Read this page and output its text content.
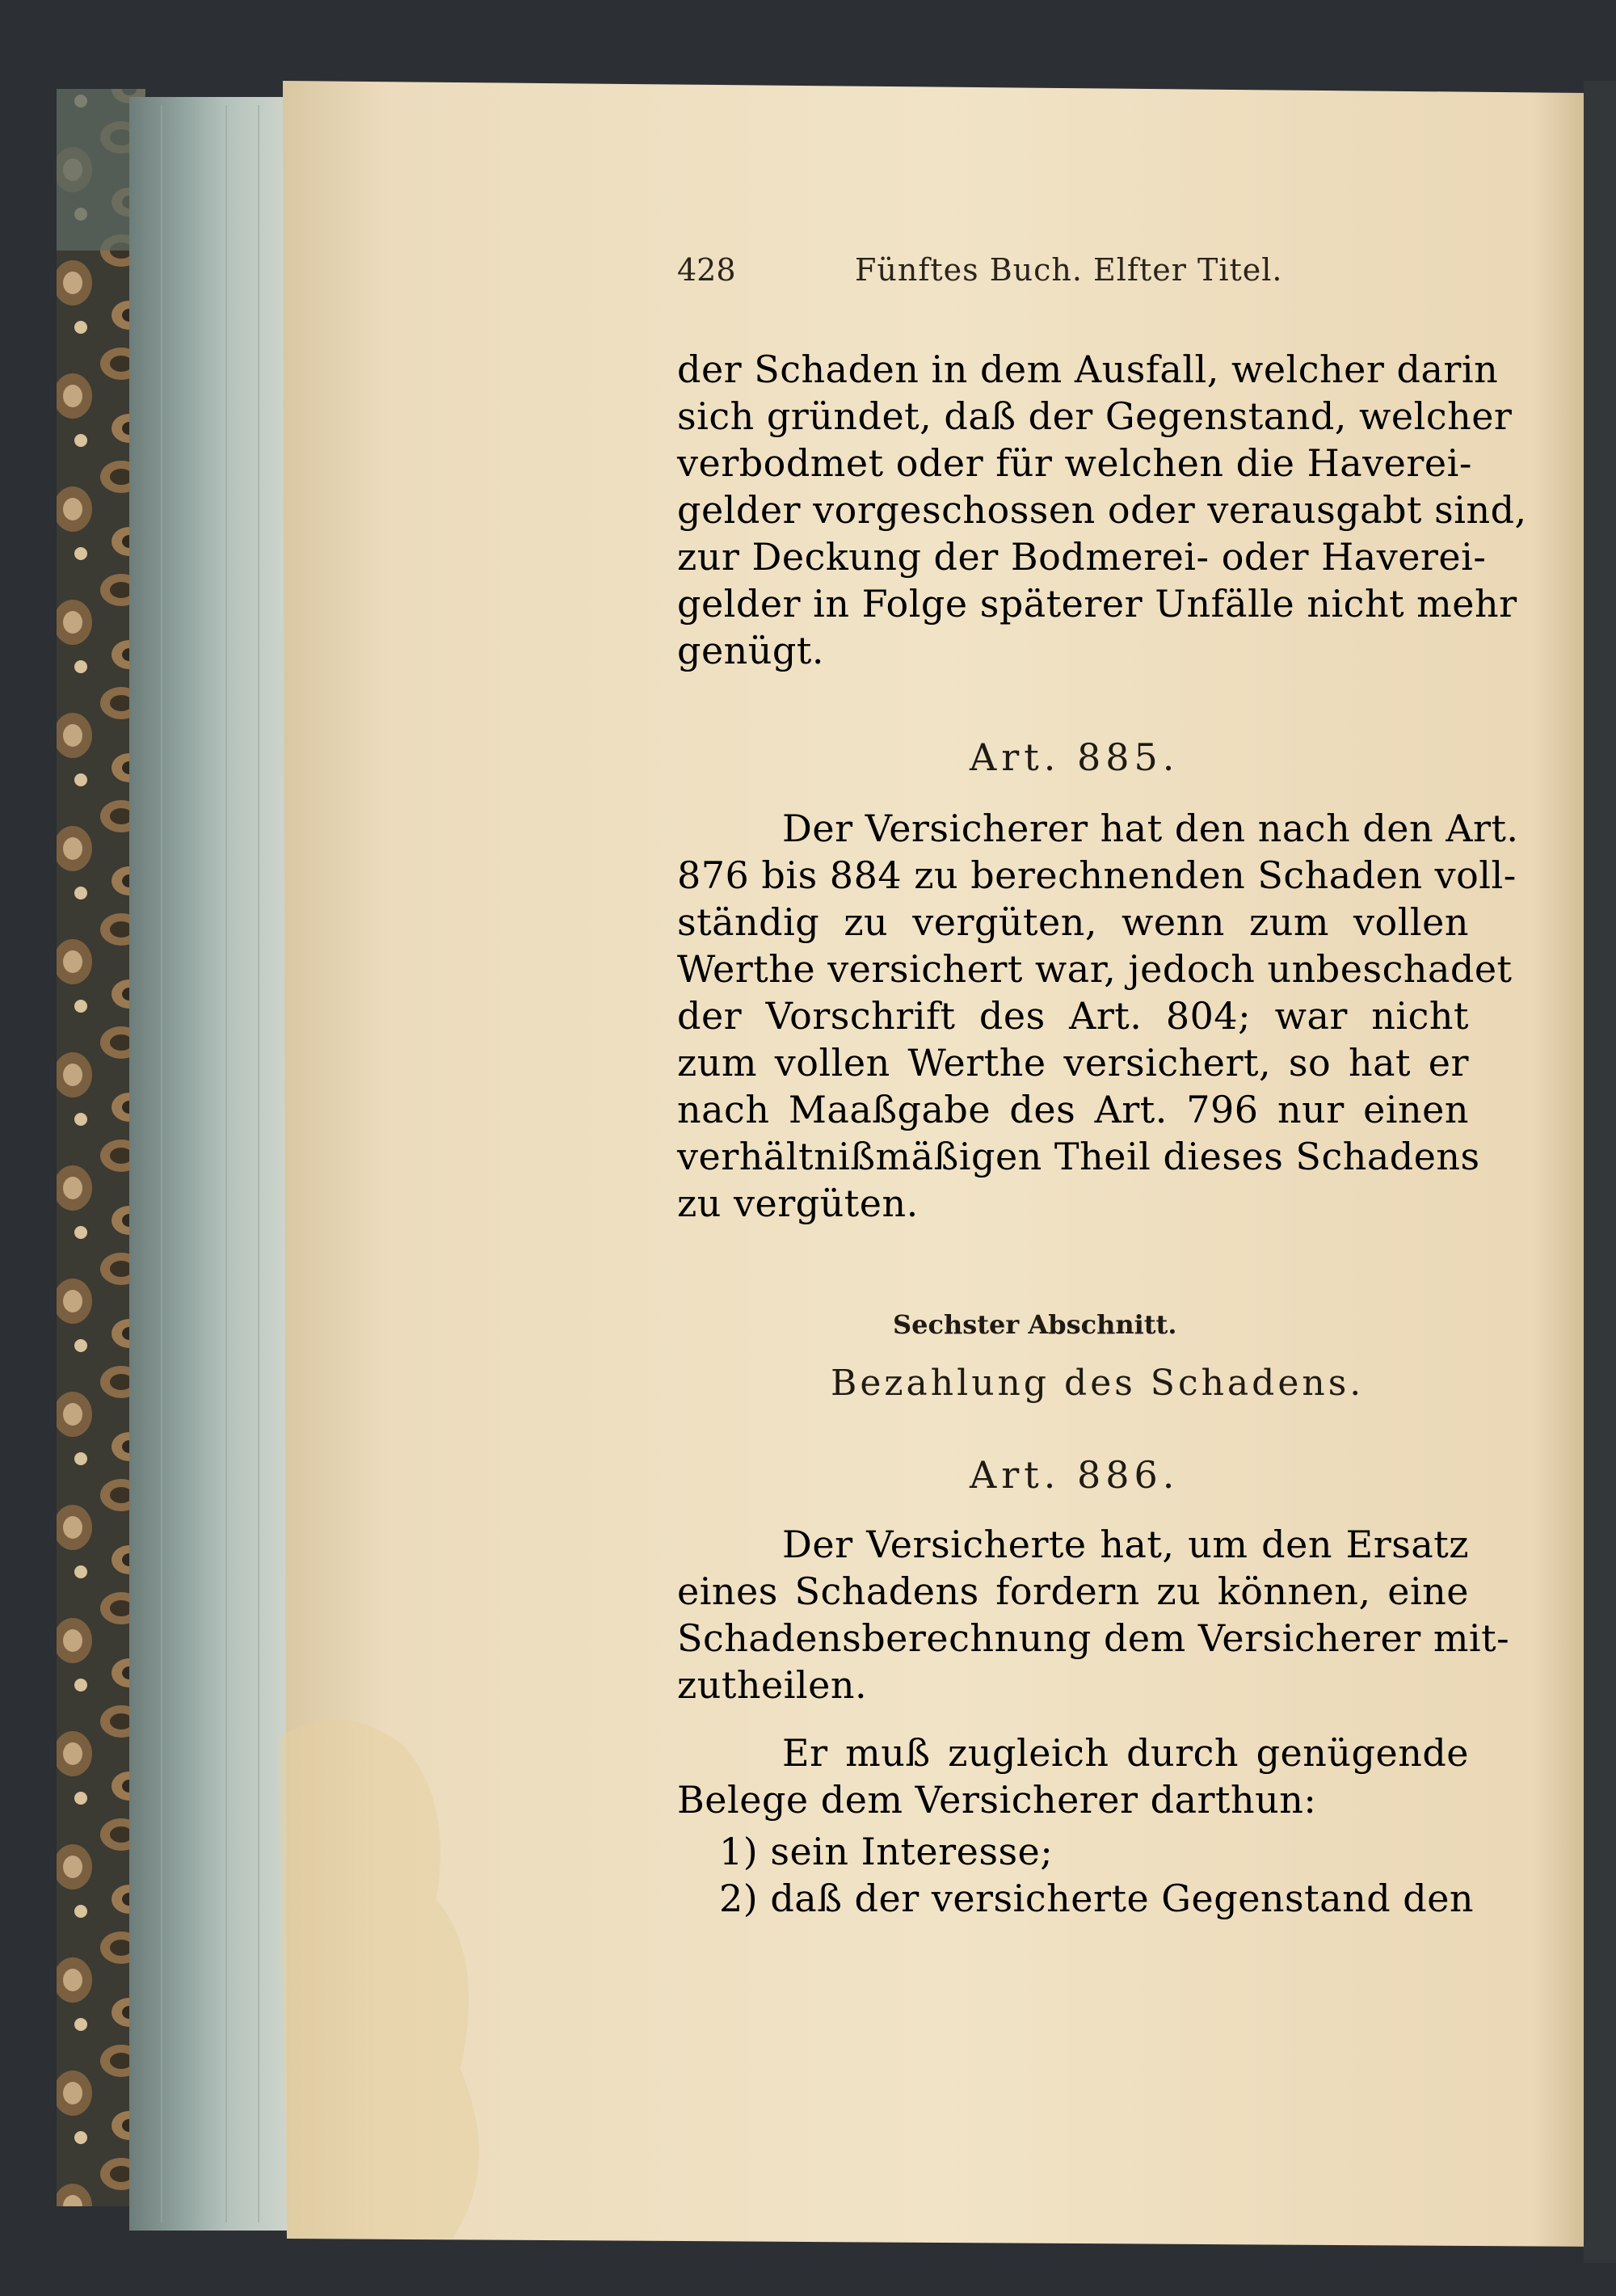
428	Fünftes Buch. Elfter Titel.
der Schaden in dem Ausfall, welcher darin
sich gründet, daß der Gegenstand, welcher
verbodmet oder für welchen die Haverei-
gelder vorgeschossen oder verausgabt sind,
zur Deckung der Bodmerei- oder Haverei-
gelder in Folge späterer Unfälle nicht mehr
genügt.
Art. 885.
Der Versicherer hat den nach den Art.
876 bis 884 zu berechnenden Schaden voll-
ständig zu vergüten, wenn zum vollen
Werthe versichert war, jedoch unbeschadet
der Vorschrift des Art. 804; war nicht
zum vollen Werthe versichert, so hat er
nach Maaßgabe des Art. 796 nur einen
verhältnißmäßigen Theil dieses Schadens
zu vergüten.
Sechster Abschnitt.
Bezahlung des Schadens.
Art. 886.
Der Versicherte hat, um den Ersatz
eines Schadens fordern zu können, eine
Schadensberechnung dem Versicherer mit-
zutheilen.
Er muß zugleich durch genügende
Belege dem Versicherer darthun:
1) sein Interesse;
2) daß der versicherte Gegenstand den
